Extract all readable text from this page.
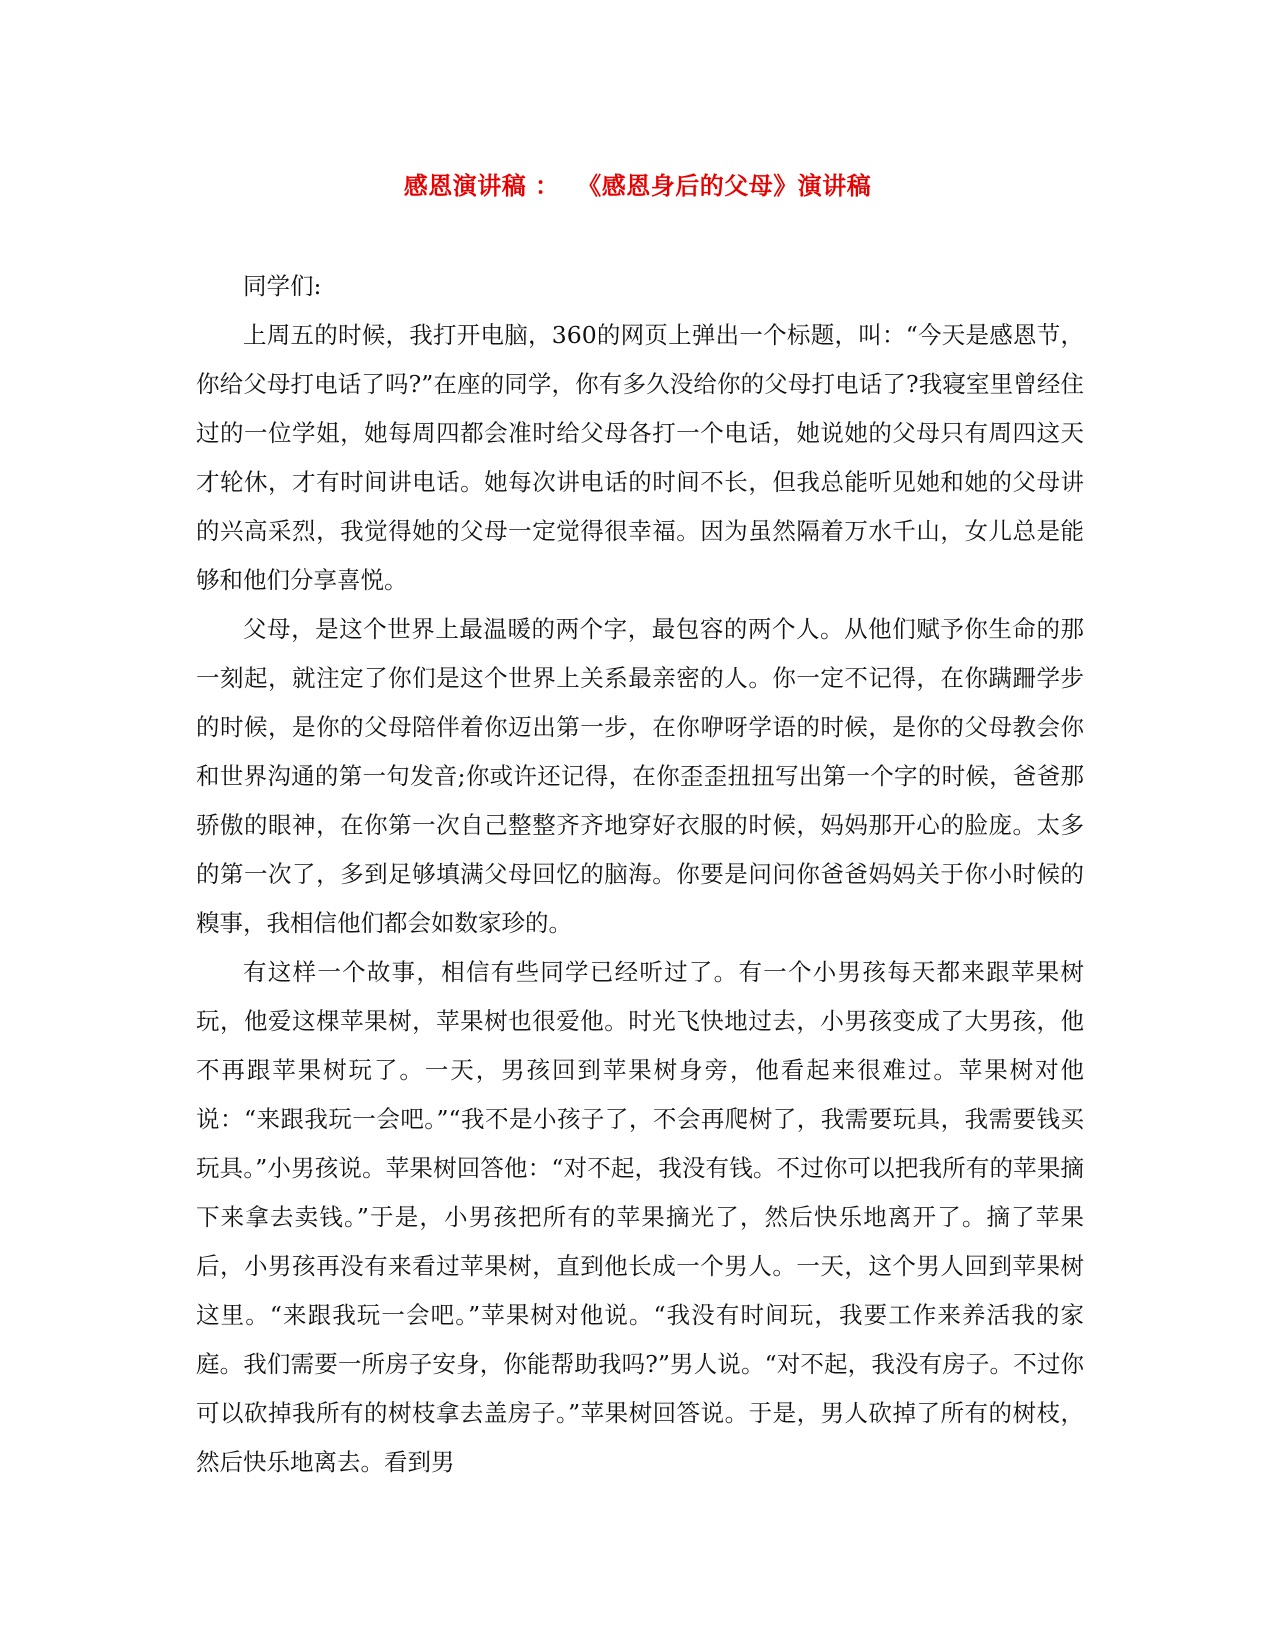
感恩演讲稿 ：  《感恩身后的父母》演讲稿

同学们:

上周五的时候，我打开电脑，360的网页上弹出一个标题，叫：“今天是感恩节，你给父母打电话了吗?”在座的同学，你有多久没给你的父母打电话了?我寝室里曾经住过的一位学姐，她每周四都会准时给父母各打一个电话，她说她的父母只有周四这天才轮休，才有时间讲电话。她每次讲电话的时间不长，但我总能听见她和她的父母讲的兴高采烈，我觉得她的父母一定觉得很幸福。因为虽然隔着万水千山，女儿总是能够和他们分享喜悦。

父母，是这个世界上最温暖的两个字，最包容的两个人。从他们赋予你生命的那一刻起，就注定了你们是这个世界上关系最亲密的人。你一定不记得，在你蹒跚学步的时候，是你的父母陪伴着你迈出第一步，在你咿呀学语的时候，是你的父母教会你和世界沟通的第一句发音;你或许还记得，在你歪歪扭扭写出第一个字的时候，爸爸那骄傲的眼神，在你第一次自己整整齐齐地穿好衣服的时候，妈妈那开心的脸庞。太多的第一次了，多到足够填满父母回忆的脑海。你要是问问你爸爸妈妈关于你小时候的糗事，我相信他们都会如数家珍的。

有这样一个故事，相信有些同学已经听过了。有一个小男孩每天都来跟苹果树玩，他爱这棵苹果树，苹果树也很爱他。时光飞快地过去，小男孩变成了大男孩，他不再跟苹果树玩了。一天，男孩回到苹果树身旁，他看起来很难过。苹果树对他说：“来跟我玩一会吧。”“我不是小孩子了，不会再爬树了，我需要玩具，我需要钱买玩具。”小男孩说。苹果树回答他：“对不起，我没有钱。不过你可以把我所有的苹果摘下来拿去卖钱。”于是，小男孩把所有的苹果摘光了，然后快乐地离开了。摘了苹果后，小男孩再没有来看过苹果树，直到他长成一个男人。一天，这个男人回到苹果树这里。“来跟我玩一会吧。”苹果树对他说。“我没有时间玩，我要工作来养活我的家庭。我们需要一所房子安身，你能帮助我吗?”男人说。“对不起，我没有房子。不过你可以砍掉我所有的树枝拿去盖房子。”苹果树回答说。于是，男人砍掉了所有的树枝，然后快乐地离去。看到男
